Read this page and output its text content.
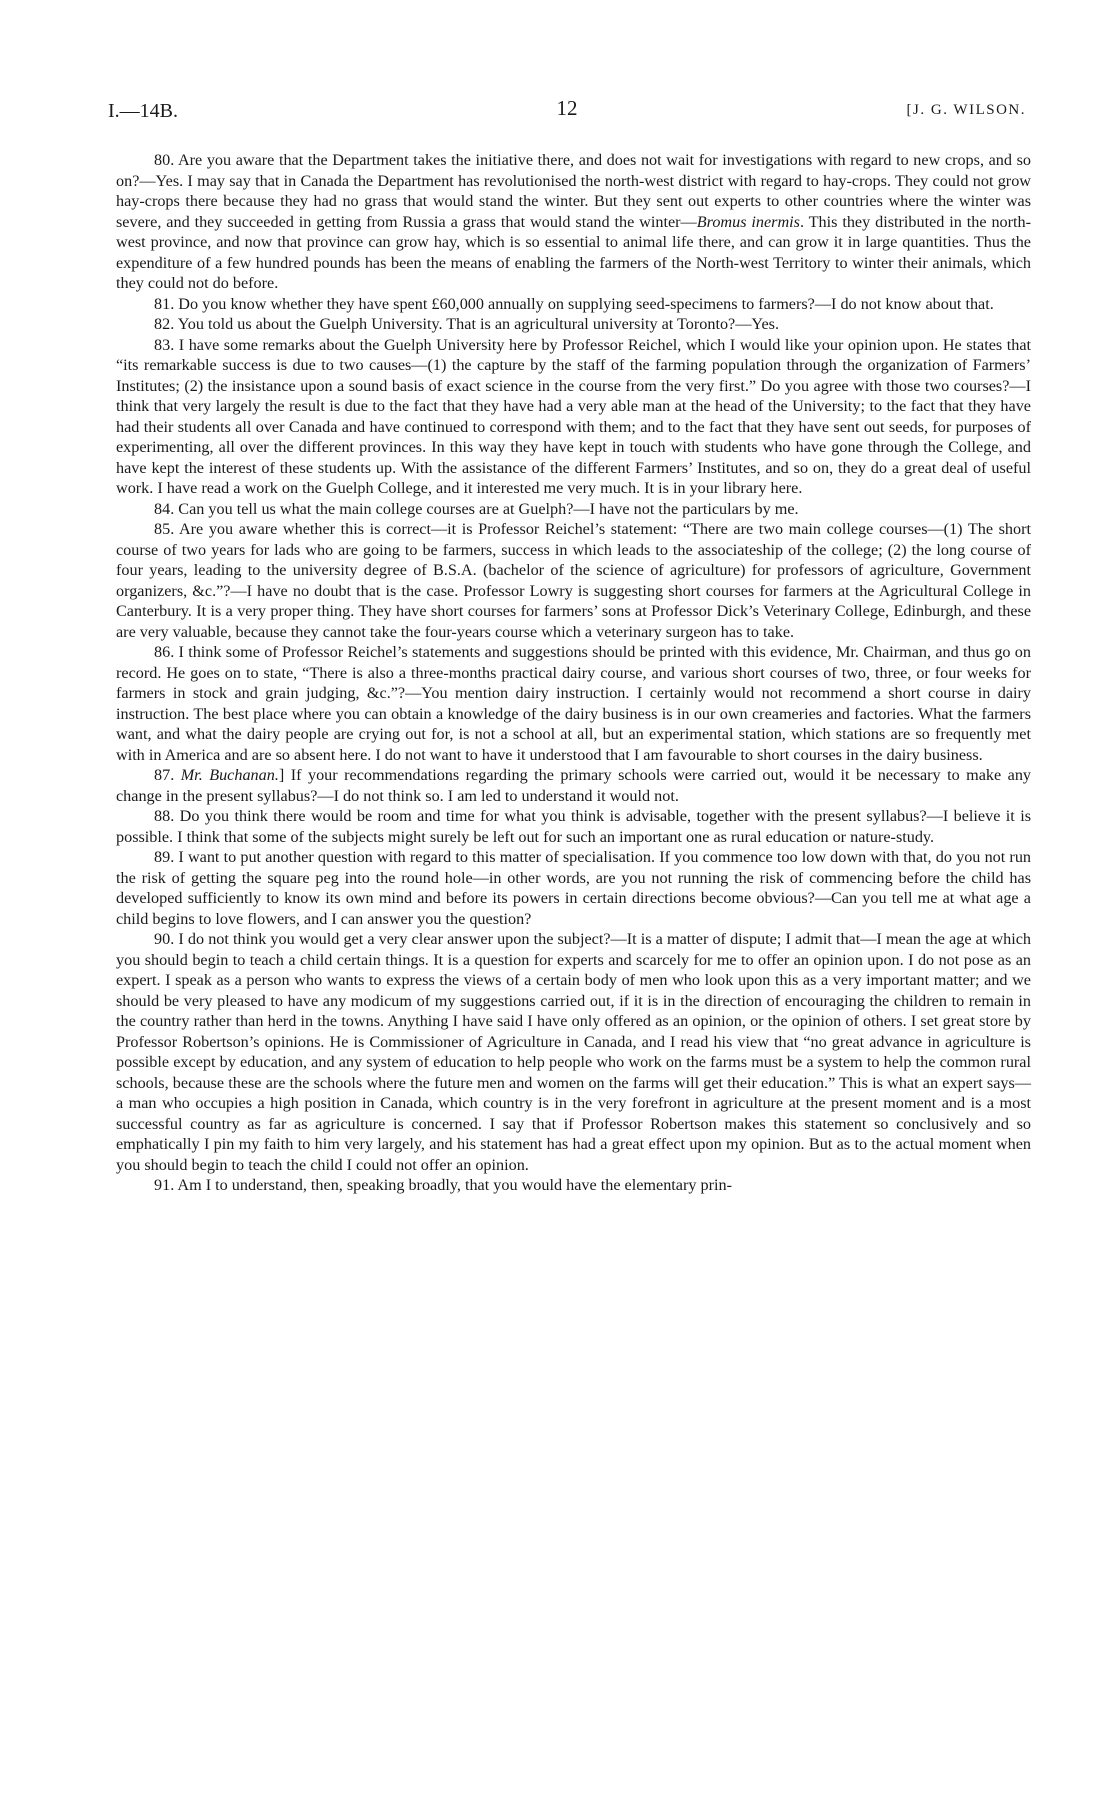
I.—14B.	12	[J. G. WILSON.

80. Are you aware that the Department takes the initiative there, and does not wait for investigations with regard to new crops, and so on?—Yes. I may say that in Canada the Department has revolutionised the north-west district with regard to hay-crops. They could not grow hay-crops there because they had no grass that would stand the winter. But they sent out experts to other countries where the winter was severe, and they succeeded in getting from Russia a grass that would stand the winter—Bromus inermis. This they distributed in the north-west province, and now that province can grow hay, which is so essential to animal life there, and can grow it in large quantities. Thus the expenditure of a few hundred pounds has been the means of enabling the farmers of the North-west Territory to winter their animals, which they could not do before.

81. Do you know whether they have spent £60,000 annually on supplying seed-specimens to farmers?—I do not know about that.

82. You told us about the Guelph University. That is an agricultural university at Toronto?—Yes.

83. I have some remarks about the Guelph University here by Professor Reichel, which I would like your opinion upon. He states that “its remarkable success is due to two causes—(1) the capture by the staff of the farming population through the organization of Farmers’ Institutes; (2) the insistance upon a sound basis of exact science in the course from the very first.” Do you agree with those two courses?—I think that very largely the result is due to the fact that they have had a very able man at the head of the University; to the fact that they have had their students all over Canada and have continued to correspond with them; and to the fact that they have sent out seeds, for purposes of experimenting, all over the different provinces. In this way they have kept in touch with students who have gone through the College, and have kept the interest of these students up. With the assistance of the different Farmers’ Institutes, and so on, they do a great deal of useful work. I have read a work on the Guelph College, and it interested me very much. It is in your library here.

84. Can you tell us what the main college courses are at Guelph?—I have not the particulars by me.

85. Are you aware whether this is correct—it is Professor Reichel’s statement: “There are two main college courses—(1) The short course of two years for lads who are going to be farmers, success in which leads to the associateship of the college; (2) the long course of four years, leading to the university degree of B.S.A. (bachelor of the science of agriculture) for professors of agriculture, Government organizers, &c.”?—I have no doubt that is the case. Professor Lowry is suggesting short courses for farmers at the Agricultural College in Canterbury. It is a very proper thing. They have short courses for farmers’ sons at Professor Dick’s Veterinary College, Edinburgh, and these are very valuable, because they cannot take the four-years course which a veterinary surgeon has to take.

86. I think some of Professor Reichel’s statements and suggestions should be printed with this evidence, Mr. Chairman, and thus go on record. He goes on to state, “There is also a three-months practical dairy course, and various short courses of two, three, or four weeks for farmers in stock and grain judging, &c.”?—You mention dairy instruction. I certainly would not recommend a short course in dairy instruction. The best place where you can obtain a knowledge of the dairy business is in our own creameries and factories. What the farmers want, and what the dairy people are crying out for, is not a school at all, but an experimental station, which stations are so frequently met with in America and are so absent here. I do not want to have it understood that I am favourable to short courses in the dairy business.

87. Mr. Buchanan.] If your recommendations regarding the primary schools were carried out, would it be necessary to make any change in the present syllabus?—I do not think so. I am led to understand it would not.

88. Do you think there would be room and time for what you think is advisable, together with the present syllabus?—I believe it is possible. I think that some of the subjects might surely be left out for such an important one as rural education or nature-study.

89. I want to put another question with regard to this matter of specialisation. If you commence too low down with that, do you not run the risk of getting the square peg into the round hole—in other words, are you not running the risk of commencing before the child has developed sufficiently to know its own mind and before its powers in certain directions become obvious?—Can you tell me at what age a child begins to love flowers, and I can answer you the question?

90. I do not think you would get a very clear answer upon the subject?—It is a matter of dispute; I admit that—I mean the age at which you should begin to teach a child certain things. It is a question for experts and scarcely for me to offer an opinion upon. I do not pose as an expert. I speak as a person who wants to express the views of a certain body of men who look upon this as a very important matter; and we should be very pleased to have any modicum of my suggestions carried out, if it is in the direction of encouraging the children to remain in the country rather than herd in the towns. Anything I have said I have only offered as an opinion, or the opinion of others. I set great store by Professor Robertson’s opinions. He is Commissioner of Agriculture in Canada, and I read his view that “no great advance in agriculture is possible except by education, and any system of education to help people who work on the farms must be a system to help the common rural schools, because these are the schools where the future men and women on the farms will get their education.” This is what an expert says—a man who occupies a high position in Canada, which country is in the very forefront in agriculture at the present moment and is a most successful country as far as agriculture is concerned. I say that if Professor Robertson makes this statement so conclusively and so emphatically I pin my faith to him very largely, and his statement has had a great effect upon my opinion. But as to the actual moment when you should begin to teach the child I could not offer an opinion.

91. Am I to understand, then, speaking broadly, that you would have the elementary prin-
